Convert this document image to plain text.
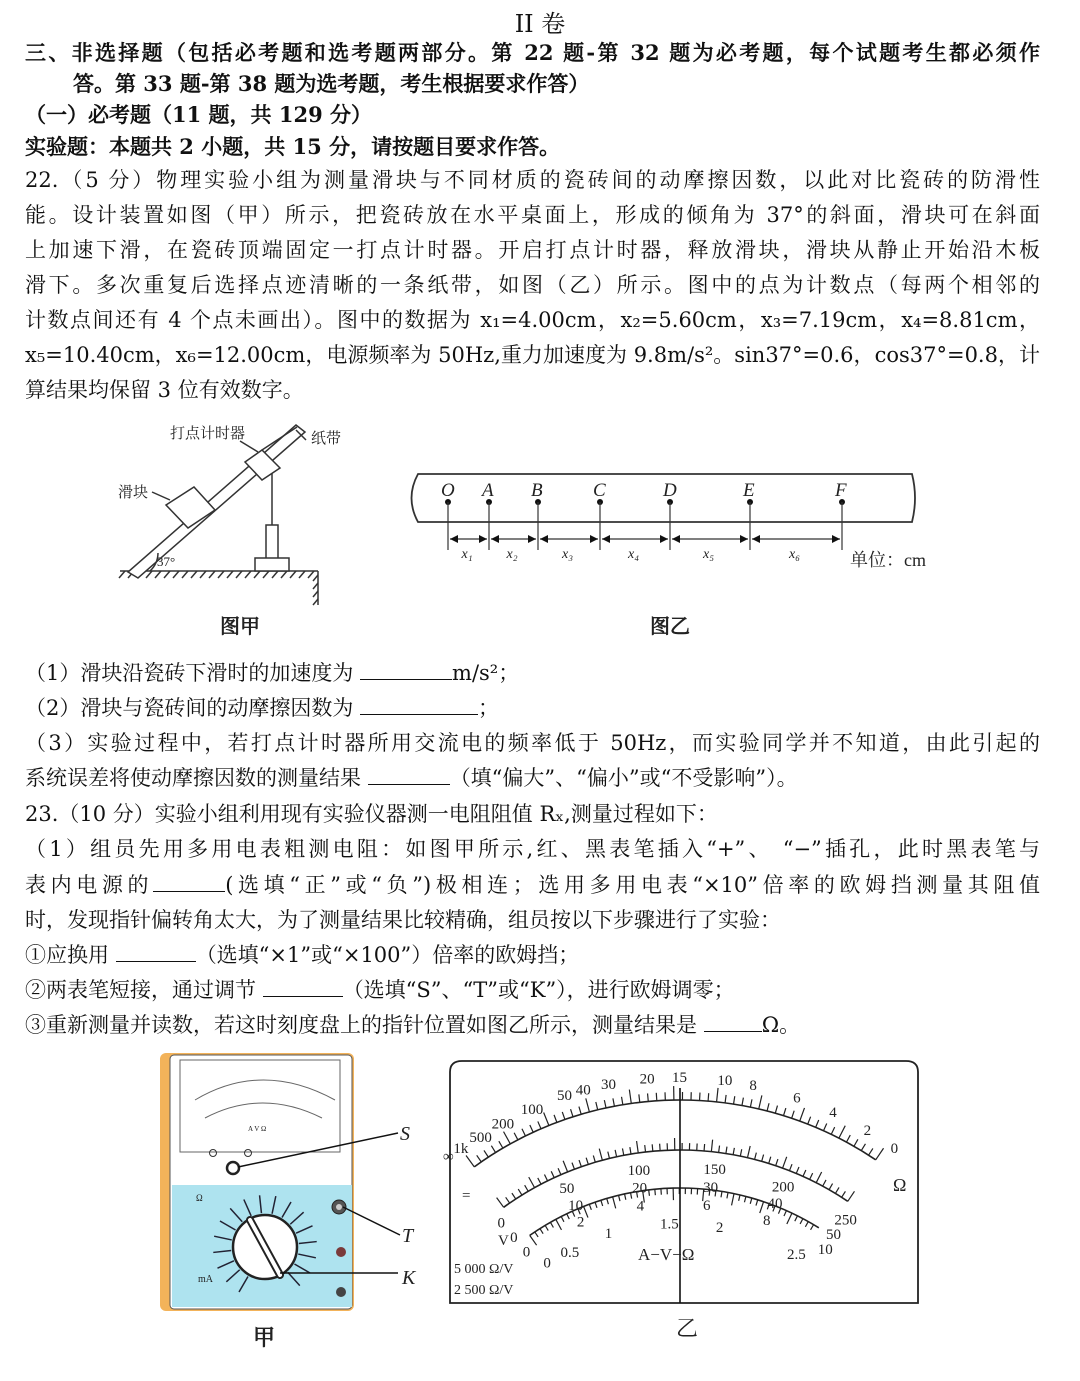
II 卷
三、非选择题（包括必考题和选考题两部分。第 22 题-第 32 题为必考题，每个试题考生都必须作
答。第 33 题-第 38 题为选考题，考生根据要求作答）
（一）必考题（11 题，共 129 分）
实验题：本题共 2 小题，共 15 分，请按题目要求作答。
22.（5 分）物理实验小组为测量滑块与不同材质的瓷砖间的动摩擦因数，以此对比瓷砖的防滑性
能。设计装置如图（甲）所示，把瓷砖放在水平桌面上，形成的倾角为 37°的斜面，滑块可在斜面
上加速下滑，在瓷砖顶端固定一打点计时器。开启打点计时器，释放滑块，滑块从静止开始沿木板
滑下。多次重复后选择点迹清晰的一条纸带，如图（乙）所示。图中的点为计数点（每两个相邻的
计数点间还有 4 个点未画出）。图中的数据为 x₁=4.00cm，x₂=5.60cm，x₃=7.19cm，x₄=8.81cm，
x₅=10.40cm，x₆=12.00cm，电源频率为 50Hz,重力加速度为 9.8m/s²。sin37°=0.6，cos37°=0.8，计
算结果均保留 3 位有效数字。
打点计时器	纸带
滑块
37°
图甲
O
x₁
A
x₂
B
x₃
C
x₄
D
x₅
E
x₆
F
单位：cm
图乙
（1）滑块沿瓷砖下滑时的加速度为	m/s²；
（2）滑块与瓷砖间的动摩擦因数为	；
（3）实验过程中，若打点计时器所用交流电的频率低于 50Hz，而实验同学并不知道，由此引起的
系统误差将使动摩擦因数的测量结果	（填“偏大”、“偏小”或“不受影响”）。
23.（10 分）实验小组利用现有实验仪器测一电阻阻值 Rₓ,测量过程如下：
（1）组员先用多用电表粗测电阻：如图甲所示,红、黑表笔插入“+”、 “−”插孔，此时黑表笔与
表内电源的	(选填“正”或“负”)极相连；选用多用电表“×10”倍率的欧姆挡测量其阻值
时，发现指针偏转角太大，为了测量结果比较精确，组员按以下步骤进行了实验：
①应换用	（选填“×1”或“×100”）倍率的欧姆挡；
②两表笔短接，通过调节	（选填“S”、“T”或“K”），进行欧姆调零；
③重新测量并读数，若这时刻度盘上的指针位置如图乙所示，测量结果是	Ω。
A V Ω
Ω
mA
S
T
K
甲
∞ 1k
500
200
100
50 40 30 20 15 10 8
6
4
2
0
0
50
100	150
200
250
0
10
20	30
40
50
0
2
4	6
8
10
0
0.5
1
1.5 2
2.5
Ω
=
V
A−V−Ω
5 000 Ω/V
2 500 Ω/V
乙
